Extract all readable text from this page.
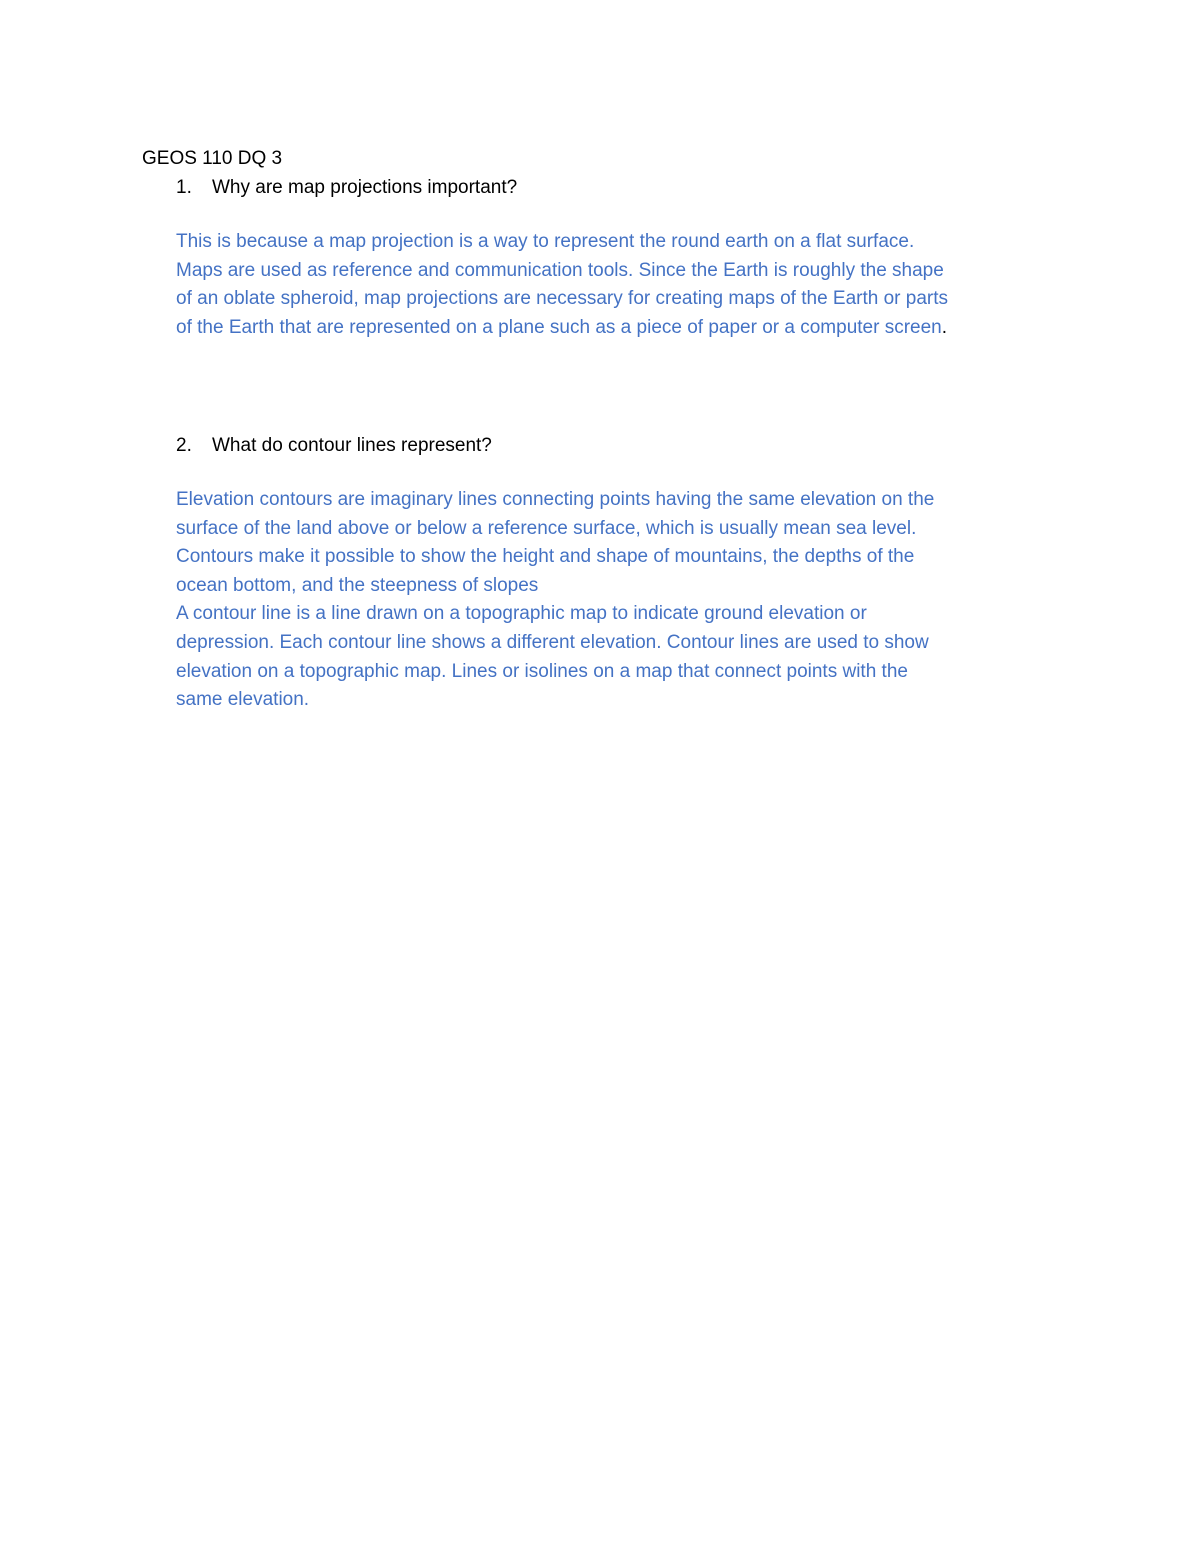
GEOS 110 DQ 3
1. Why are map projections important?
This is because a map projection is a way to represent the round earth on a flat surface.
Maps are used as reference and communication tools. Since the Earth is roughly the shape
of an oblate spheroid, map projections are necessary for creating maps of the Earth or parts
of the Earth that are represented on a plane such as a piece of paper or a computer screen.
2. What do contour lines represent?
Elevation contours are imaginary lines connecting points having the same elevation on the
surface of the land above or below a reference surface, which is usually mean sea level.
Contours make it possible to show the height and shape of mountains, the depths of the
ocean bottom, and the steepness of slopes
A contour line is a line drawn on a topographic map to indicate ground elevation or
depression. Each contour line shows a different elevation. Contour lines are used to show
elevation on a topographic map. Lines or isolines on a map that connect points with the
same elevation.
